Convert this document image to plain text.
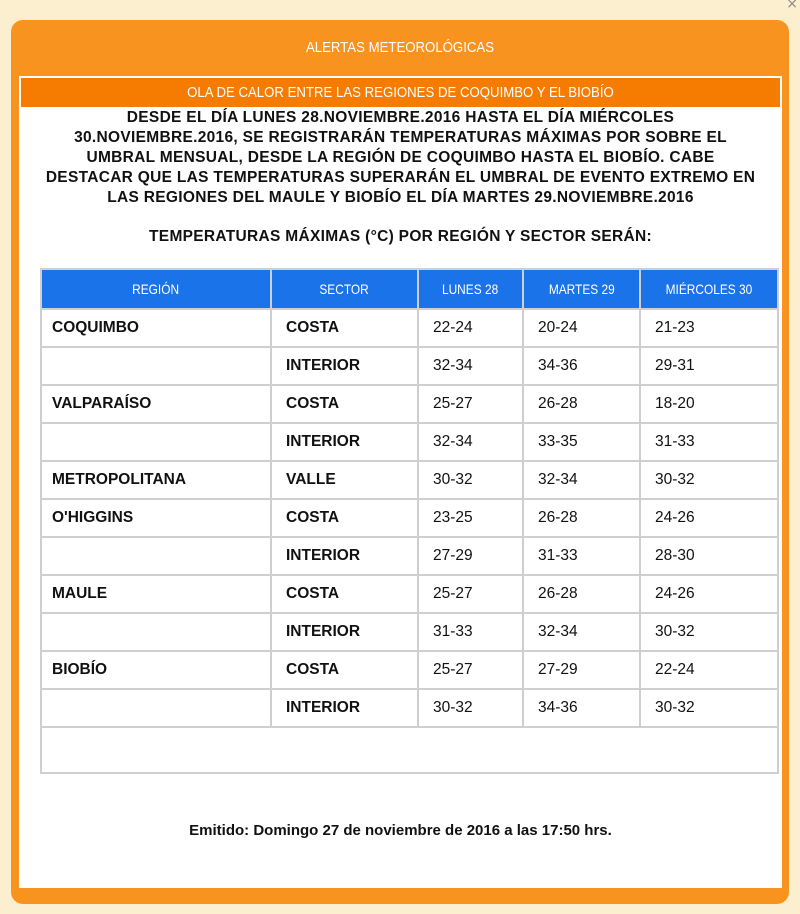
×
ALERTAS METEOROLÓGICAS
OLA DE CALOR ENTRE LAS REGIONES DE COQUIMBO Y EL BIOBÍO
DESDE EL DÍA LUNES 28.NOVIEMBRE.2016 HASTA EL DÍA MIÉRCOLES
30.NOVIEMBRE.2016, SE REGISTRARÁN TEMPERATURAS MÁXIMAS POR SOBRE EL
UMBRAL MENSUAL, DESDE LA REGIÓN DE COQUIMBO HASTA EL BIOBÍO. CABE
DESTACAR QUE LAS TEMPERATURAS SUPERARÁN EL UMBRAL DE EVENTO EXTREMO EN
LAS REGIONES DEL MAULE Y BIOBÍO EL DÍA MARTES 29.NOVIEMBRE.2016
TEMPERATURAS MÁXIMAS (°C) POR REGIÓN Y SECTOR SERÁN:
REGIÓN	SECTOR	LUNES 28	MARTES 29	MIÉRCOLES 30
COQUIMBO	COSTA	22-24	20-24	21-23
	INTERIOR	32-34	34-36	29-31
VALPARAÍSO	COSTA	25-27	26-28	18-20
	INTERIOR	32-34	33-35	31-33
METROPOLITANA	VALLE	30-32	32-34	30-32
O'HIGGINS	COSTA	23-25	26-28	24-26
	INTERIOR	27-29	31-33	28-30
MAULE	COSTA	25-27	26-28	24-26
	INTERIOR	31-33	32-34	30-32
BIOBÍO	COSTA	25-27	27-29	22-24
	INTERIOR	30-32	34-36	30-32

Emitido: Domingo 27 de noviembre de 2016 a las 17:50 hrs.
